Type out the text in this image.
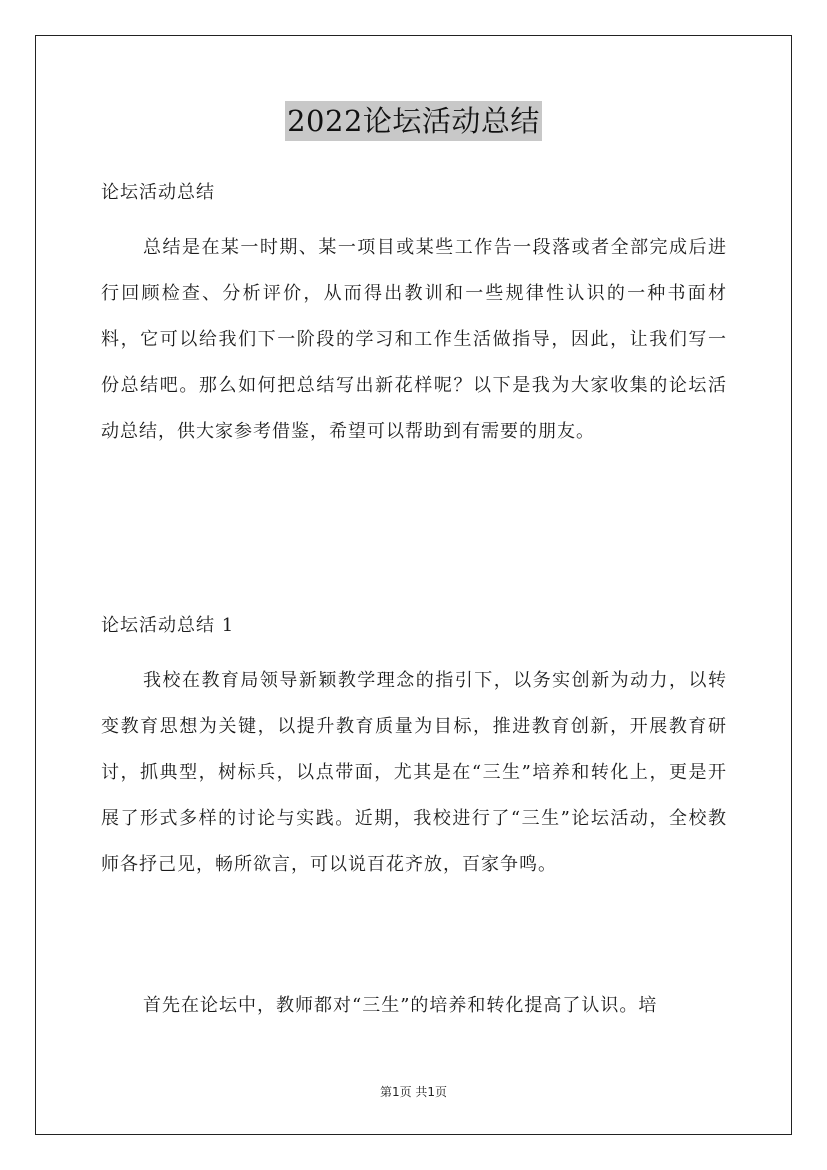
2022论坛活动总结
论坛活动总结

总结是在某一时期、某一项目或某些工作告一段落或者全部完成后进行回顾检查、分析评价，从而得出教训和一些规律性认识的一种书面材料，它可以给我们下一阶段的学习和工作生活做指导，因此，让我们写一份总结吧。那么如何把总结写出新花样呢？以下是我为大家收集的论坛活动总结，供大家参考借鉴，希望可以帮助到有需要的朋友。

论坛活动总结 1

我校在教育局领导新颖教学理念的指引下，以务实创新为动力，以转变教育思想为关键，以提升教育质量为目标，推进教育创新，开展教育研讨，抓典型，树标兵，以点带面，尤其是在“三生”培养和转化上，更是开展了形式多样的讨论与实践。近期，我校进行了“三生”论坛活动，全校教师各抒己见，畅所欲言，可以说百花齐放，百家争鸣。

首先在论坛中，教师都对“三生”的培养和转化提高了认识。培

第1页 共1页
